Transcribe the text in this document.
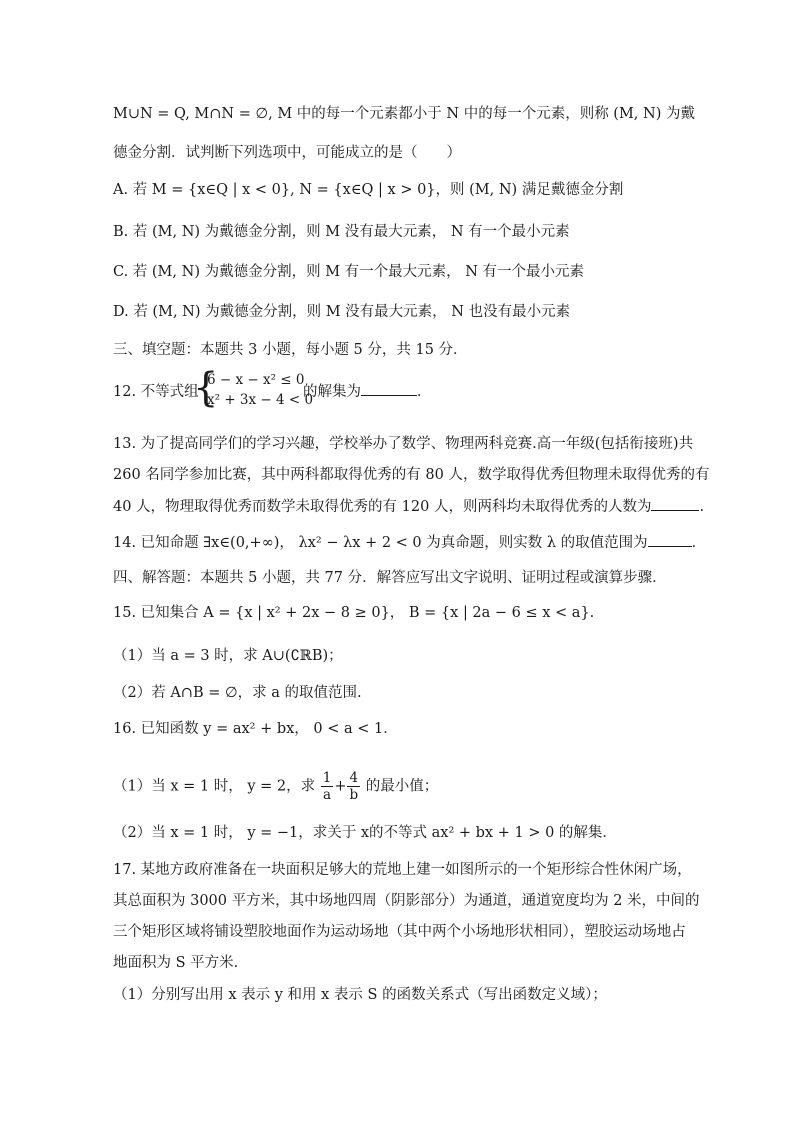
M∪N = Q, M∩N = ∅, M 中的每一个元素都小于 N 中的每一个元素，则称 (M, N) 为戴
德金分割．试判断下列选项中，可能成立的是（　　）
A. 若 M = {x∈Q | x < 0}, N = {x∈Q | x > 0}，则 (M, N) 满足戴德金分割
B. 若 (M, N) 为戴德金分割，则 M 没有最大元素， N 有一个最小元素
C. 若 (M, N) 为戴德金分割，则 M 有一个最大元素， N 有一个最小元素
D. 若 (M, N) 为戴德金分割，则 M 没有最大元素， N 也没有最小元素
三、填空题：本题共 3 小题，每小题 5 分，共 15 分．
12. 不等式组
{
6 − x − x² ≤ 0
x² + 3x − 4 < 0
的解集为	．
13. 为了提高同学们的学习兴趣，学校举办了数学、物理两科竞赛.高一年级(包括衔接班)共
260 名同学参加比赛，其中两科都取得优秀的有 80 人，数学取得优秀但物理未取得优秀的有
40 人，物理取得优秀而数学未取得优秀的有 120 人，则两科均未取得优秀的人数为	.
14. 已知命题 ∃x∈(0,+∞)， λx² − λx + 2 < 0 为真命题，则实数 λ 的取值范围为	．
四、解答题：本题共 5 小题，共 77 分．解答应写出文字说明、证明过程或演算步骤．
15. 已知集合 A = {x | x² + 2x − 8 ≥ 0}， B = {x | 2a − 6 ≤ x < a}.
（1）当 a = 3 时，求 A∪(∁ℝB)；
（2）若 A∩B = ∅，求 a 的取值范围.
16. 已知函数 y = ax² + bx， 0 < a < 1．
（1）当 x = 1 时， y = 2，求 $\frac{1}{a} + \frac{4}{b}$ 的最小值；
（2）当 x = 1 时， y = −1，求关于 x的不等式 ax² + bx + 1 > 0 的解集．
17. 某地方政府准备在一块面积足够大的荒地上建一如图所示的一个矩形综合性休闲广场，
其总面积为 3000 平方米，其中场地四周（阴影部分）为通道，通道宽度均为 2 米，中间的
三个矩形区域将铺设塑胶地面作为运动场地（其中两个小场地形状相同），塑胶运动场地占
地面积为 S 平方米.
（1）分别写出用 x 表示 y 和用 x 表示 S 的函数关系式（写出函数定义域）；
